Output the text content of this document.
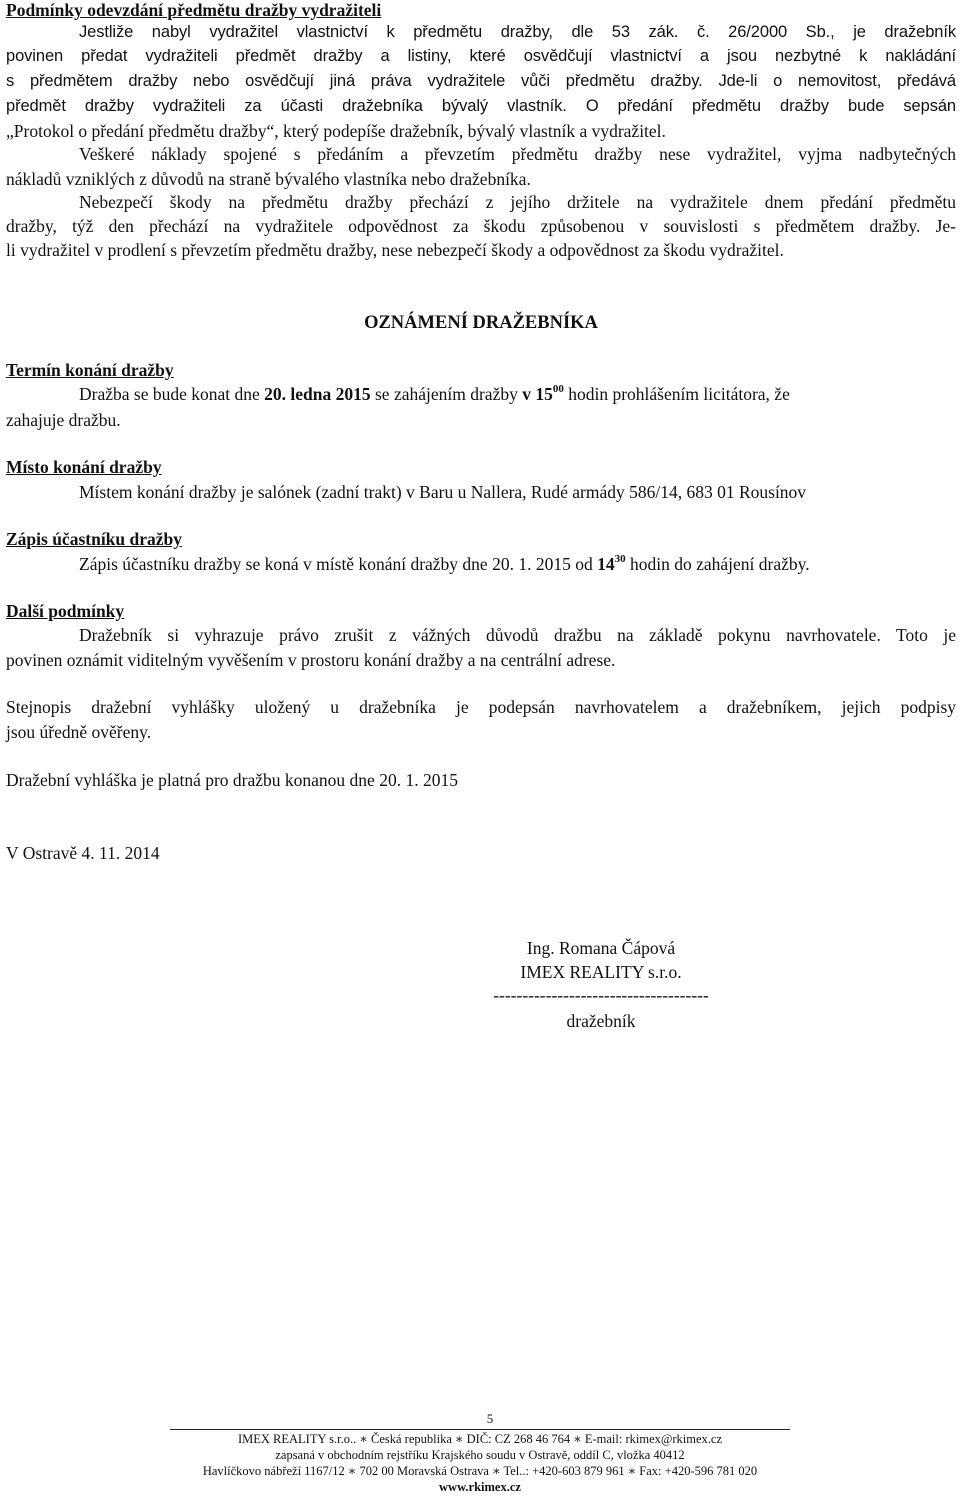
Podmínky odevzdání předmětu dražby vydražiteli
Jestliže nabyl vydražitel vlastnictví k předmětu dražby, dle 53 zák. č. 26/2000 Sb., je dražebník
povinen předat vydražiteli předmět dražby a listiny, které osvědčují vlastnictví a jsou nezbytné k nakládání
s předmětem dražby nebo osvědčují jiná práva vydražitele vůči předmětu dražby. Jde-li o nemovitost, předává
předmět dražby vydražiteli za účasti dražebníka bývalý vlastník. O předání předmětu dražby bude sepsán
„Protokol o předání předmětu dražby“, který podepíše dražebník, bývalý vlastník a vydražitel.
Veškeré náklady spojené s předáním a převzetím předmětu dražby nese vydražitel, vyjma nadbytečných
nákladů vzniklých z důvodů na straně bývalého vlastníka nebo dražebníka.
Nebezpečí škody na předmětu dražby přechází z jejího držitele na vydražitele dnem předání předmětu
dražby, týž den přechází na vydražitele odpovědnost za škodu způsobenou v souvislosti s předmětem dražby. Je-
li vydražitel v prodlení s převzetím předmětu dražby, nese nebezpečí škody a odpovědnost za škodu vydražitel.
OZNÁMENÍ DRAŽEBNÍKA
Termín konání dražby
Dražba se bude konat dne 20. ledna 2015 se zahájením dražby v $15^{00}$ hodin prohlášením licitátora, že
zahajuje dražbu.
Místo konání dražby
Místem konání dražby je salónek (zadní trakt) v Baru u Nallera, Rudé armády 586/14, 683 01 Rousínov
Zápis účastníku dražby
Zápis účastníku dražby se koná v místě konání dražby dne 20. 1. 2015 od $14^{30}$ hodin do zahájení dražby.
Další podmínky
Dražebník si vyhrazuje právo zrušit z vážných důvodů dražbu na základě pokynu navrhovatele. Toto je
povinen oznámit viditelným vyvěšením v prostoru konání dražby a na centrální adrese.
Stejnopis dražební vyhlášky uložený u dražebníka je podepsán navrhovatelem a dražebníkem, jejich podpisy
jsou úředně ověřeny.
Dražební vyhláška je platná pro dražbu konanou dne 20. 1. 2015
V Ostravě 4. 11. 2014
Ing. Romana Čápová
IMEX REALITY s.r.o.
-------------------------------------
dražebník
5
IMEX REALITY s.r.o.. ∗ Česká republika ∗ DIČ: CZ 268 46 764 ∗ E-mail: rkimex@rkimex.cz
zapsaná v obchodním rejstříku Krajského soudu v Ostravě, oddíl C, vložka 40412
Havlíčkovo nábřeží 1167/12 ∗ 702 00 Moravská Ostrava ∗ Tel..: +420-603 879 961 ∗ Fax: +420-596 781 020
www.rkimex.cz
